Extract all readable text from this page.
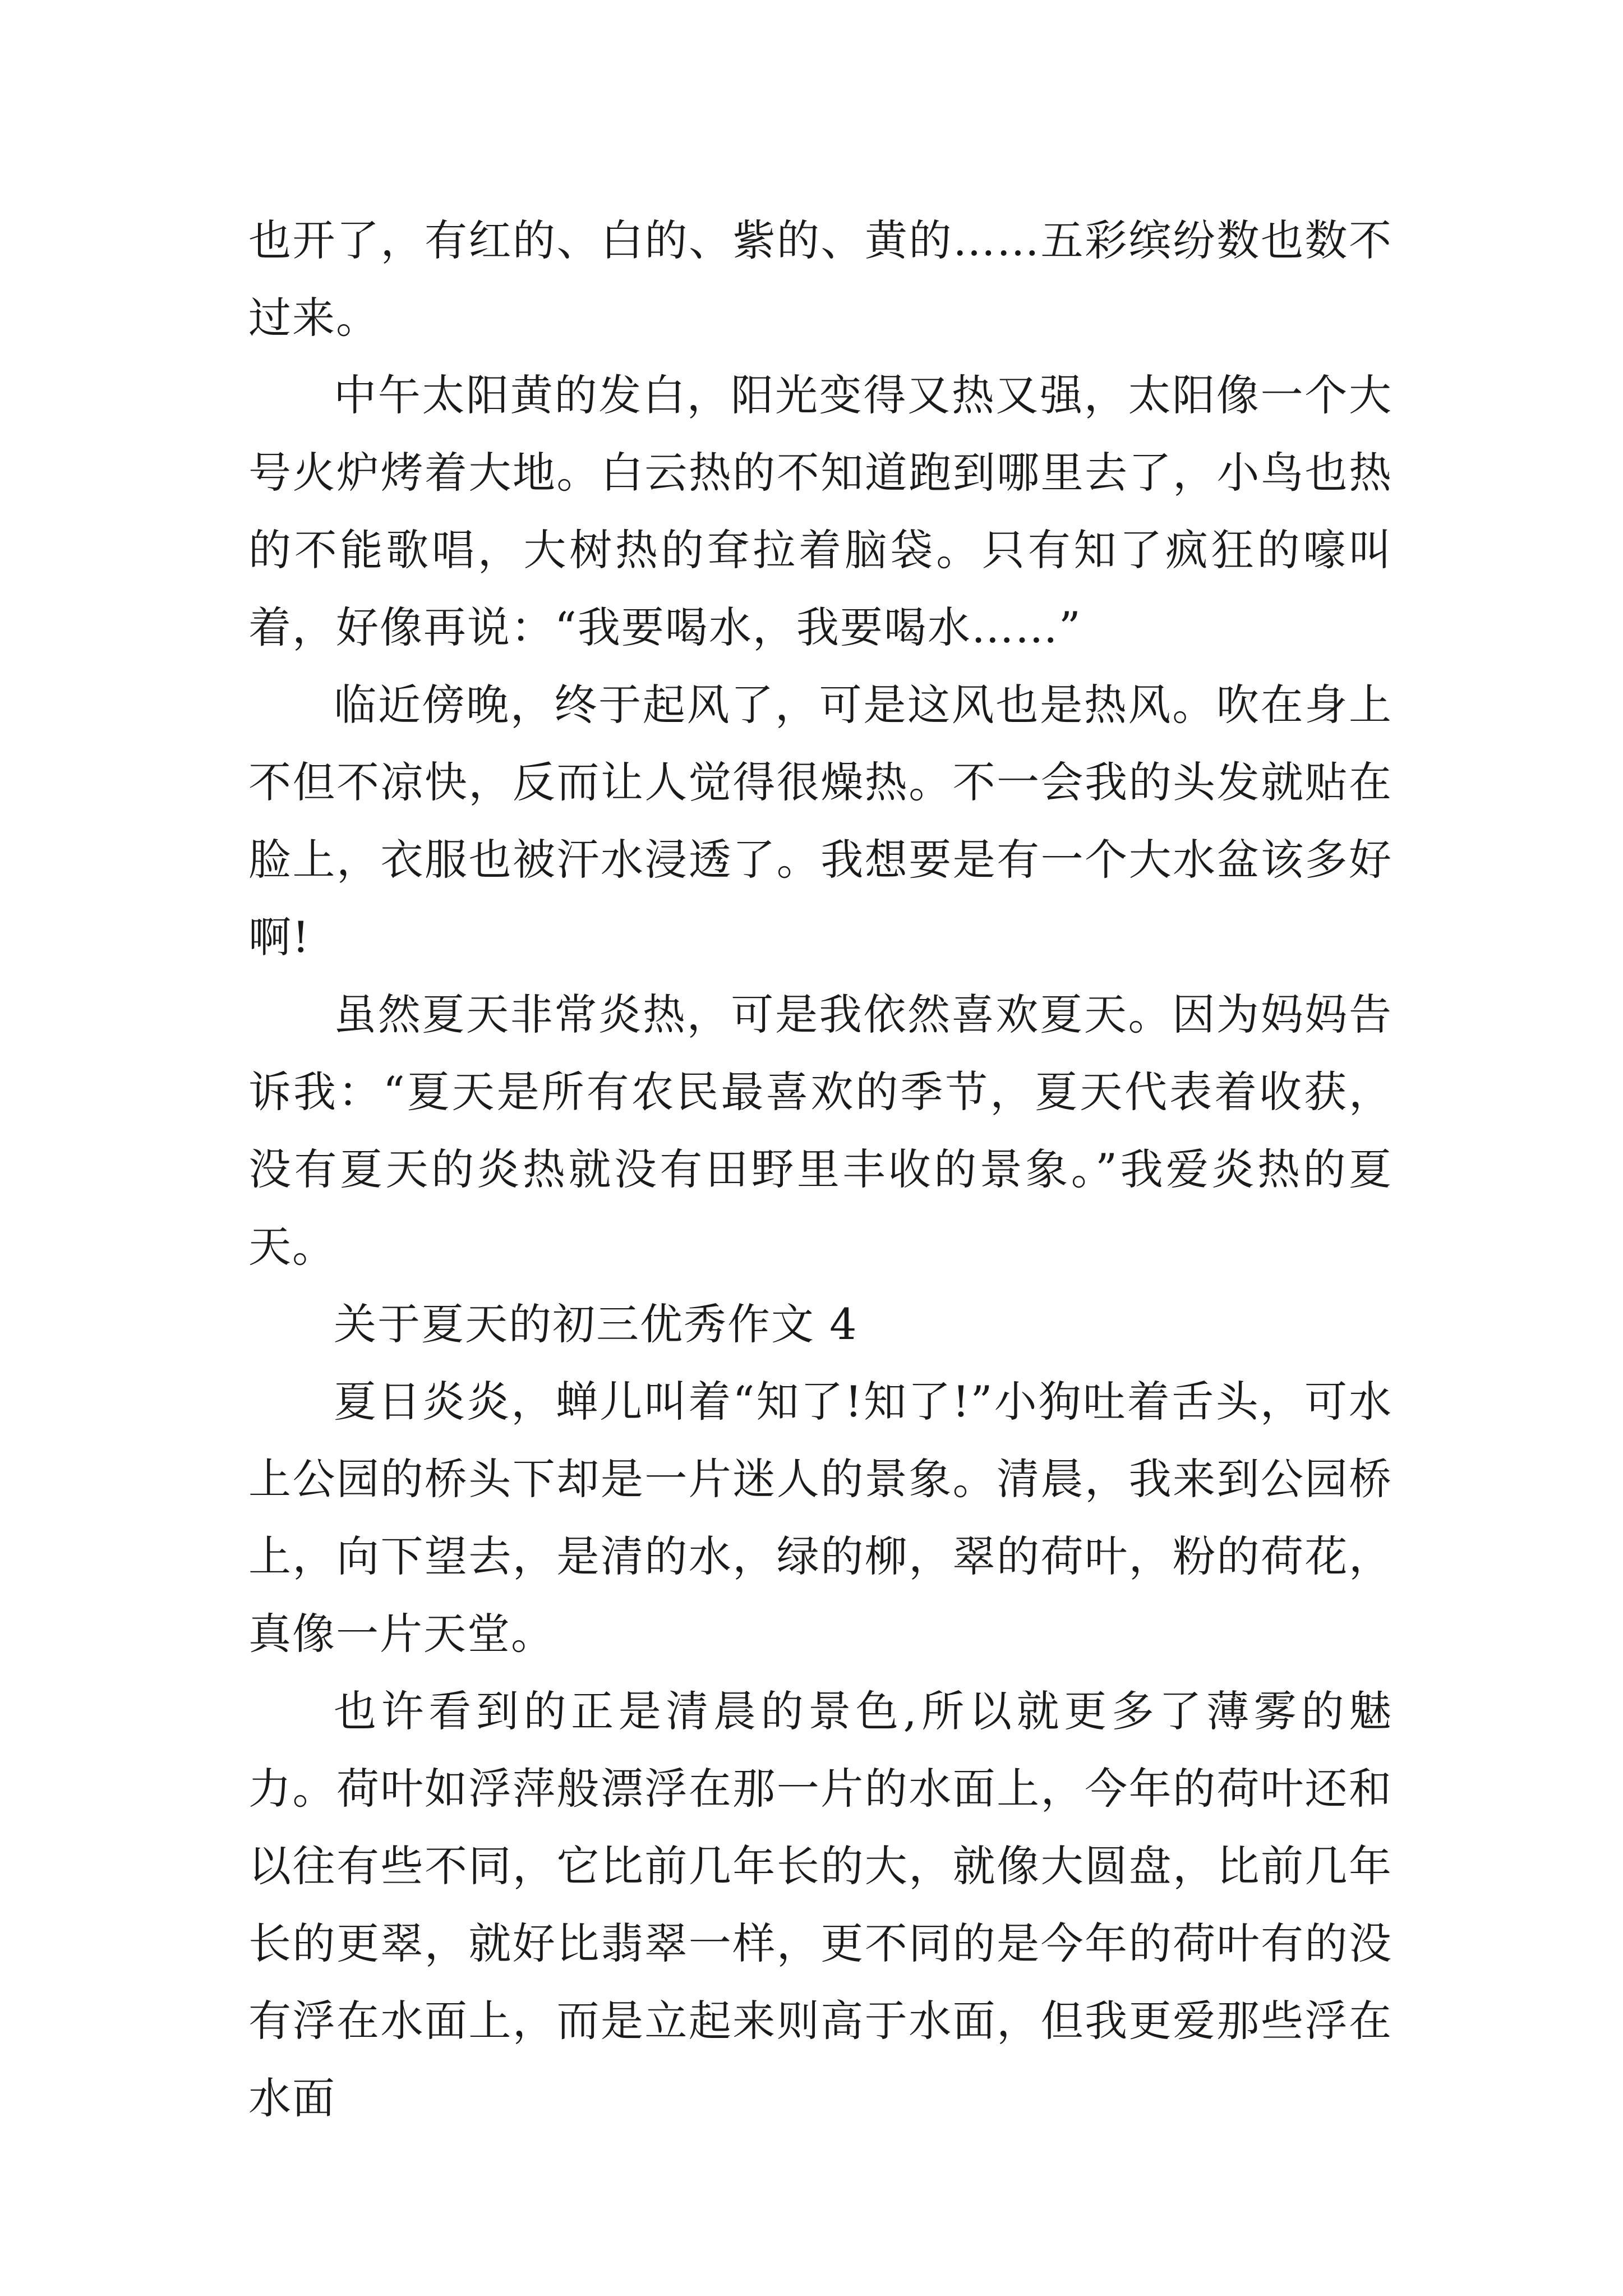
也开了，有红的、白的、紫的、黄的……五彩缤纷数也数不过来。

中午太阳黄的发白，阳光变得又热又强，太阳像一个大号火炉烤着大地。白云热的不知道跑到哪里去了，小鸟也热的不能歌唱，大树热的耷拉着脑袋。只有知了疯狂的嚎叫着，好像再说：“我要喝水，我要喝水……”

临近傍晚，终于起风了，可是这风也是热风。吹在身上不但不凉快，反而让人觉得很燥热。不一会我的头发就贴在脸上，衣服也被汗水浸透了。我想要是有一个大水盆该多好啊!

虽然夏天非常炎热，可是我依然喜欢夏天。因为妈妈告诉我：“夏天是所有农民最喜欢的季节，夏天代表着收获，没有夏天的炎热就没有田野里丰收的景象。”我爱炎热的夏天。

关于夏天的初三优秀作文 4

夏日炎炎，蝉儿叫着“知了!知了!”小狗吐着舌头，可水上公园的桥头下却是一片迷人的景象。清晨，我来到公园桥上，向下望去，是清的水，绿的柳，翠的荷叶，粉的荷花，真像一片天堂。

也许看到的正是清晨的景色,所以就更多了薄雾的魅力。荷叶如浮萍般漂浮在那一片的水面上，今年的荷叶还和以往有些不同，它比前几年长的大，就像大圆盘，比前几年长的更翠，就好比翡翠一样，更不同的是今年的荷叶有的没有浮在水面上，而是立起来则高于水面，但我更爱那些浮在水面
